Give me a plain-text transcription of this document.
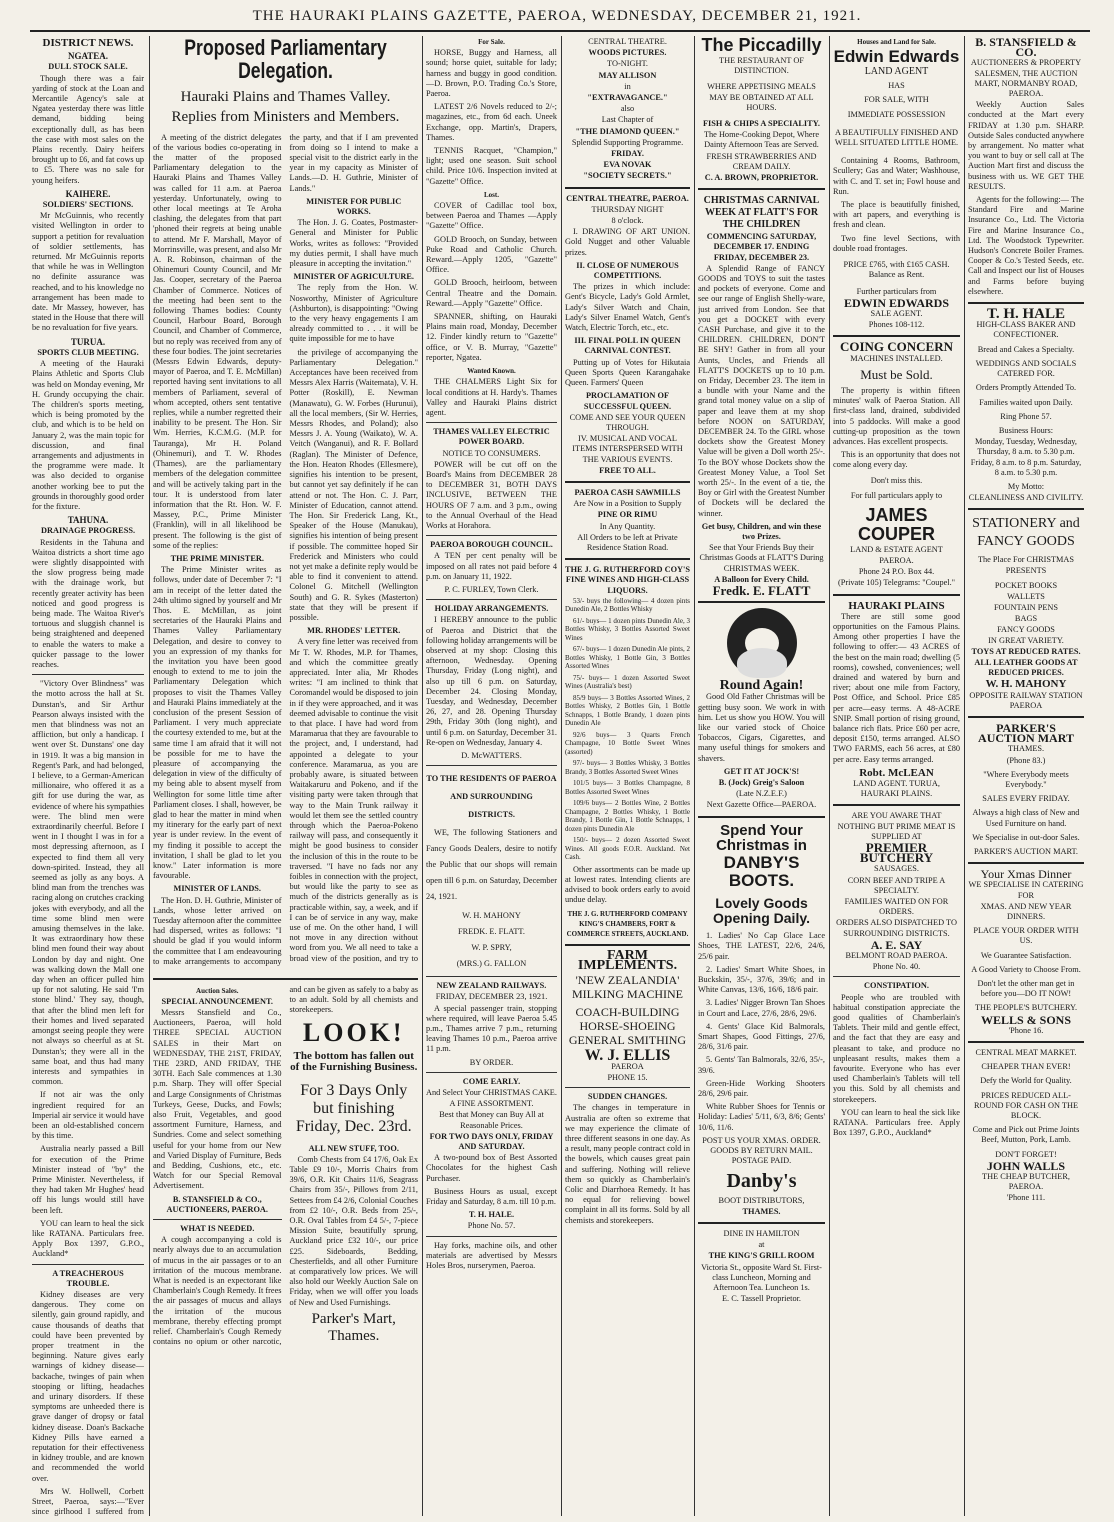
THE HAURAKI PLAINS GAZETTE, PAEROA, WEDNESDAY, DECEMBER 21, 1921.
DISTRICT NEWS.
NGATEA.
DULL STOCK SALE.

Though there was a fair yarding of stock at the Loan and Mercantile Agency's sale at Ngatea yesterday there was little demand, bidding being exceptionally dull, as has been the case with most sales on the Plains recently. Dairy heifers brought up to £6, and fat cows up to £5. There was no sale for young heifers.

KAIHERE.
SOLDIERS' SECTIONS.

Mr McGuinnis, who recently visited Wellington in order to support a petition for revaluation of soldier settlements, has returned. Mr McGuinnis reports that while he was in Wellington no definite assurance was reached, and to his knowledge no arrangement has been made to date. Mr Massey, however, has stated in the House that there will be no revaluation for five years.

TURUA.
SPORTS CLUB MEETING.

A meeting of the Hauraki Plains Athletic and Sports Club was held on Monday evening, Mr H. Grundy occupying the chair. The children's sports meeting, which is being promoted by the club, and which is to be held on January 2, was the main topic for discussion, and final arrangements and adjustments in the programme were made. It was also decided to organise another working bee to put the grounds in thoroughly good order for the fixture.

TAHUNA.
DRAINAGE PROGRESS.

Residents in the Tahuna and Waitoa districts a short time ago were slightly disappointed with the slow progress being made with the drainage work, but recently greater activity has been noticed and good progress is being made. The Waitoa River's tortuous and sluggish channel is being straightened and deepened to enable the waters to make a quicker passage to the lower reaches.

"Victory Over Blindness" was the motto across the hall at St. Dunstan's, and Sir Arthur Pearson always insisted with the men that blindness was not an affliction, but only a handicap. I went over St. Dunstans' one day in 1919. It was a big mansion in Regent's Park, and had belonged, I believe, to a German-American millionaire, who offered it as a gift for use during the war, as evidence of where his sympathies were. The blind men were extraordinarily cheerful. Before I went in I thought I was in for a most depressing afternoon, as I expected to find them all very down-spirited. Instead, they all seemed as jolly as any boys. A blind man from the trenches was racing along on crutches cracking jokes with everybody, and all the time some blind men were amusing themselves in the lake. It was extraordinary how these blind men found their way about London by day and night. One was walking down the Mall one day when an officer pulled him up for not saluting. He said 'I'm stone blind.' They say, though, that after the blind men left for their homes and lived separated amongst seeing people they were not always so cheerful as at St. Dunstan's; they were all in the same boat, and thus had many interests and sympathies in common.

If not air was the only ingredient required for an Imperial air service it would have been an old-established concern by this time.

Australia nearly passed a Bill for execution of the Prime Minister instead of "by" the Prime Minister. Nevertheless, if they had taken Mr Hughes' head off his lungs would still have been left.

YOU can learn to heal the sick like RATANA. Particulars free. Apply Box 1397, G.P.O., Auckland*

A TREACHEROUS TROUBLE.

Kidney diseases are very dangerous. They come on silently, gain ground rapidly, and cause thousands of deaths that could have been prevented by proper treatment in the beginning. Nature gives early warnings of kidney disease—backache, twinges of pain when stooping or lifting, headaches and urinary disorders. If these symptoms are unheeded there is grave danger of dropsy or fatal kidney disease. Doan's Backache Kidney Pills have earned a reputation for their effectiveness in kidney trouble, and are known and recommended the world over.

Mrs W. Hollwell, Corbett Street, Paeroa, says:—"Ever since girlhood I suffered from

Proposed Parliamentary Delegation.
Hauraki Plains and Thames Valley.
Replies from Ministers and Members.

A meeting of the district delegates of the various bodies co-operating in the matter of the proposed Parliamentary delegation to the Hauraki Plains and Thames Valley was called for 11 a.m. at Paeroa yesterday. Unfortunately, owing to other local meetings at Te Aroha clashing, the delegates from that part 'phoned their regrets at being unable to attend. Mr F. Marshall, Mayor of Morrinsville, was present, and also Mr A. R. Robinson, chairman of the Ohinemuri County Council, and Mr Jas. Cooper, secretary of the Paeroa Chamber of Commerce. Notices of the meeting had been sent to the following Thames bodies: County Council, Harbour Board, Borough Council, and Chamber of Commerce, but no reply was received from any of these four bodies. The joint secretaries (Messrs Edwin Edwards, deputy-mayor of Paeroa, and T. E. McMillan) reported having sent invitations to all members of Parliament, several of whom accepted, others sent tentative replies, while a number regretted their inability to be present. The Hon. Sir Wm. Herries, K.C.M.G. (M.P. for Tauranga), Mr H. Poland (Ohinemuri), and T. W. Rhodes (Thames), are the parliamentary members of the delegation committee and will be actively taking part in the tour. It is understood from later information that the Rt. Hon. W. F. Massey, P.C., Prime Minister (Franklin), will in all likelihood be present. The following is the gist of some of the replies:

THE PRIME MINISTER.

The Prime Minister writes as follows, under date of December 7: "I am in receipt of the letter dated the 24th ultimo signed by yourself and Mr Thos. E. McMillan, as joint secretaries of the Hauraki Plains and Thames Valley Parliamentary Delegation, and desire to convey to you an expression of my thanks for the invitation you have been good enough to extend to me to join the Parliamentary Delegation which proposes to visit the Thames Valley and Hauraki Plains immediately at the conclusion of the present Session of Parliament. I very much appreciate the courtesy extended to me, but at the same time I am afraid that it will not be possible for me to have the pleasure of accompanying the delegation in view of the difficulty of my being able to absent myself from Wellington for some little time after Parliament closes. I shall, however, be glad to hear the matter in mind when my itinerary for the early part of next year is under review. In the event of my finding it possible to accept the invitation, I shall be glad to let you know." Later information is more favourable.

MINISTER OF LANDS.

The Hon. D. H. Guthrie, Minister of Lands, whose letter arrived on Tuesday afternoon after the committee had dispersed, writes as follows: "I should be glad if you would inform the committee that I am endeavouring to make arrangements to accompany the party, and that if I am prevented from doing so I intend to make a special visit to the district early in the year in my capacity as Minister of Lands.—D. H. Guthrie, Minister of Lands."

MINISTER FOR PUBLIC WORKS.

The Hon. J. G. Coates, Postmaster-General and Minister for Public Works, writes as follows: "Provided my duties permit, I shall have much pleasure in accepting the invitation."

MINISTER OF AGRICULTURE.

The reply from the Hon. W. Nosworthy, Minister of Agriculture (Ashburton), is disappointing: "Owing to the very heavy engagements I am already committed to . . . it will be quite impossible for me to have

the privilege of accompanying the Parliamentary Delegation." Acceptances have been received from Messrs Alex Harris (Waitemata), V. H. Potter (Roskill), E. Newman (Manawatu), G. W. Forbes (Hurunui), all the local members, (Sir W. Herries, Messrs Rhodes, and Poland); also Messrs J. A. Young (Waikato), W. A. Veitch (Wanganui), and R. F. Bollard (Raglan). The Minister of Defence, the Hon. Heaton Rhodes (Ellesmere), signifies his intention to be present, but cannot yet say definitely if he can attend or not. The Hon. C. J. Parr, Minister of Education, cannot attend. The Hon. Sir Frederick Lang, Kt., Speaker of the House (Manukau), signifies his intention of being present if possible. The committee hoped Sir Frederick and Ministers who could not yet make a definite reply would be able to find it convenient to attend. Colonel G. Mitchell (Wellington South) and G. R. Sykes (Masterton) state that they will be present if possible.

MR. RHODES' LETTER.

A very fine letter was received from Mr T. W. Rhodes, M.P. for Thames, and which the committee greatly appreciated. Inter alia, Mr Rhodes writes: "I am inclined to think that Coromandel would be disposed to join in if they were approached, and it was deemed advisable to continue the visit to that place. I have had word from Maramarua that they are favourable to the project, and, I understand, had appointed a delegate to your conference. Maramarua, as you are probably aware, is situated between Waitakaruru and Pokeno, and if the visiting party were taken through that way to the Main Trunk railway it would let them see the settled country through which the Paeroa-Pokeno railway will pass, and consequently it might be good business to consider the inclusion of this in the route to be traversed. "I have no fads nor any foibles in connection with the project, but would like the party to see as much of the districts generally as is practicable within, say, a week, and if I can be of service in any way, make use of me. On the other hand, I will not move in any direction without word from you. We all need to take a broad view of the position, and try to

Auction Sales.
SPECIAL ANNOUNCEMENT.

Messrs Stansfield and Co., Auctioneers, Paeroa, will hold THREE SPECIAL AUCTION SALES in their Mart on WEDNESDAY, THE 21ST, FRIDAY, THE 23RD, AND FRIDAY, THE 30TH. Each Sale commences at 1.30 p.m. Sharp. They will offer Special and Large Consignments of Christmas Turkeys, Geese, Ducks, and Fowls; also Fruit, Vegetables, and good assortment Furniture, Harness, and Sundries. Come and select something useful for your home from our New and Varied Display of Furniture, Beds and Bedding, Cushions, etc., etc. Watch for our Special Removal Advertisement.

B. STANSFIELD & CO., AUCTIONEERS, PAEROA.
WHAT IS NEEDED.

A cough accompanying a cold is nearly always due to an accumulation of mucus in the air passages or to an irritation of the mucous membrane. What is needed is an expectorant like Chamberlain's Cough Remedy. It frees the air passages of mucus and allays the irritation of the mucous membrane, thereby effecting prompt relief. Chamberlain's Cough Remedy contains no opium or other narcotic, and can be given as safely to a baby as to an adult. Sold by all chemists and storekeepers.

LOOK!
The bottom has fallen out of the Furnishing Business.
For 3 Days Only but finishing Friday, Dec. 23rd.
ALL NEW STUFF, TOO.

Comb Chests from £4 17/6, Oak Ex Table £9 10/-, Morris Chairs from 39/6, O.R. Kit Chairs 11/6, Seagrass Chairs from 35/-, Pillows from 2/11, Settees from £4 2/6, Colonial Couches from £2 10/-, O.R. Beds from 25/-, O.R. Oval Tables from £4 5/-, 7-piece Mission Suite, beautifully sprung, Auckland price £32 10/-, our price £25. Sideboards, Bedding, Chesterfields, and all other Furniture at comparatively low prices. We will also hold our Weekly Auction Sale on Friday, when we will offer you loads of New and Used Furnishings.

Parker's Mart, Thames.
For Sale.

HORSE, Buggy and Harness, all sound; horse quiet, suitable for lady; harness and buggy in good condition.—D. Brown, P.O. Trading Co.'s Store, Paeroa.

LATEST 2/6 Novels reduced to 2/-; magazines, etc., from 6d each. Uneek Exchange, opp. Martin's, Drapers, Thames.

TENNIS Racquet, "Champion," light; used one season. Suit school child. Price 10/6. Inspection invited at "Gazette" Office.

Lost.

COVER of Cadillac tool box, between Paeroa and Thames —Apply "Gazette" Office.

GOLD Brooch, on Sunday, between Puke Road and Catholic Church. Reward.—Apply 1205, "Gazette" Office.

GOLD Brooch, heirloom, between Central Theatre and the Domain. Reward.—Apply "Gazette" Office.

SPANNER, shifting, on Hauraki Plains main road, Monday, December 12. Finder kindly return to "Gazette" office, or V. B. Murray, "Gazette" reporter, Ngatea.

Wanted Known.

THE CHALMERS Light Six for local conditions at H. Hardy's. Thames Valley and Hauraki Plains district agent.

THAMES VALLEY ELECTRIC POWER BOARD.
NOTICE TO CONSUMERS.

POWER will be cut off on the Board's Mains from DECEMBER 28 to DECEMBER 31, BOTH DAYS INCLUSIVE, BETWEEN THE HOURS OF 7 a.m. and 3 p.m., owing to the Annual Overhaul of the Head Works at Horahora.

PAEROA BOROUGH COUNCIL.

A TEN per cent penalty will be imposed on all rates not paid before 4 p.m. on January 11, 1922.

P. C. FURLEY, Town Clerk.
HOLIDAY ARRANGEMENTS.

I HEREBY announce to the public of Paeroa and District that the following holiday arrangements will be observed at my shop: Closing this afternoon, Wednesday. Opening Thursday, Friday (Long night), and also up till 6 p.m. on Saturday, December 24. Closing Monday, Tuesday, and Wednesday, December 26, 27, and 28. Opening Thursday 29th, Friday 30th (long night), and until 6 p.m. on Saturday, December 31. Re-open on Wednesday, January 4.

D. McWATTERS.
TO THE RESIDENTS OF PAEROA AND SURROUNDING DISTRICTS.

WE, The following Stationers and Fancy Goods Dealers, desire to notify the Public that our shops will remain open till 6 p.m. on Saturday, December 24, 1921.

W. H. MAHONY
FREDK. E. FLATT.
W. P. SPRY,
(MRS.) G. FALLON
NEW ZEALAND RAILWAYS.
FRIDAY, DECEMBER 23, 1921.

A special passenger train, stopping where required, will leave Paeroa 5.45 p.m., Thames arrive 7 p.m., returning leaving Thames 10 p.m., Paeroa arrive 11 p.m.

BY ORDER.
COME EARLY.
And Select Your CHRISTMAS CAKE.
A FINE ASSORTMENT.
Best that Money can Buy All at Reasonable Prices.
FOR TWO DAYS ONLY, FRIDAY AND SATURDAY.

A two-pound box of Best Assorted Chocolates for the highest Cash Purchaser.

Business Hours as usual, except Friday and Saturday, 8 a.m. till 10 p.m.

T. H. HALE.
Phone No. 57.

Hay forks, machine oils, and other materials are advertised by Messrs Holes Bros, nurserymen, Paeroa.

CENTRAL THEATRE.
WOODS PICTURES.
TO-NIGHT.
MAY ALLISON
in
"EXTRAVAGANCE."
also
Last Chapter of
"THE DIAMOND QUEEN."
Splendid Supporting Programme.
FRIDAY.
EVA NOVAK
"SOCIETY SECRETS."
CENTRAL THEATRE, PAEROA.
THURSDAY NIGHT
8 o'clock.

I. DRAWING OF ART UNION. Gold Nugget and other Valuable prizes.

II. CLOSE OF NUMEROUS COMPETITIONS.

The prizes in which include: Gent's Bicycle, Lady's Gold Armlet, Lady's Silver Watch and Chain, Lady's Silver Enamel Watch, Gent's Watch, Electric Torch, etc., etc.

III. FINAL POLL IN QUEEN CARNIVAL CONTEST.

Putting up of Votes for Hikutaia Queen Sports Queen Karangahake Queen. Farmers' Queen

PROCLAMATION OF SUCCESSFUL QUEEN.
COME AND SEE YOUR QUEEN THROUGH.
IV. MUSICAL AND VOCAL ITEMS INTERSPERSED WITH THE VARIOUS EVENTS.
FREE TO ALL.
PAEROA CASH SAWMILLS
Are Now in a Position to Supply
PINE OR RIMU
In Any Quantity.
All Orders to be left at Private Residence Station Road.
THE J. G. RUTHERFORD COY'S FINE WINES AND HIGH-CLASS LIQUORS.

53/- buys the following— 4 dozen pints Dunedin Ale, 2 Bottles Whisky

61/- buys— 1 dozen pints Dunedin Ale, 3 Bottles Whisky, 3 Bottles Assorted Sweet Wines

67/- buys— 1 dozen Dunedin Ale pints, 2 Bottles Whisky, 1 Bottle Gin, 3 Bottles Assorted Wines

75/- buys— 1 dozen Assorted Sweet Wines (Australia's best)

85/9 buys— 3 Bottles Assorted Wines, 2 Bottles Whisky, 2 Bottles Gin, 1 Bottle Schnapps, 1 Bottle Brandy, 1 dozen pints Dunedin Ale

92/6 buys— 3 Quarts French Champagne, 10 Bottle Sweet Wines (assorted)

97/- buys— 3 Bottles Whisky, 3 Bottles Brandy, 3 Bottles Assorted Sweet Wines

101/5 buys— 3 Bottles Champagne, 8 Bottles Assorted Sweet Wines

109/6 buys— 2 Bottles Wine, 2 Bottles Champagne, 2 Bottles Whisky, 1 Bottle Brandy, 1 Bottle Gin, 1 Bottle Schnapps, 1 dozen pints Dunedin Ale

150/- buys— 2 dozen Assorted Sweet Wines. All goods F.O.R. Auckland. Net Cash.

Other assortments can be made up at lowest rates. Intending clients are advised to book orders early to avoid undue delay.

THE J. G. RUTHERFORD COMPANY KING'S CHAMBERS, FORT & COMMERCE STREETS, AUCKLAND.
FARM IMPLEMENTS.
'NEW ZEALANDIA' MILKING MACHINE
COACH-BUILDING HORSE-SHOEING GENERAL SMITHING
W. J. ELLIS
PAEROA
PHONE 15.
SUDDEN CHANGES.

The changes in temperature in Australia are often so extreme that we may experience the climate of three different seasons in one day. As a result, many people contract cold in the bowels, which causes great pain and suffering. Nothing will relieve them so quickly as Chamberlain's Colic and Diarrhoea Remedy. It has no equal for relieving bowel complaint in all its forms. Sold by all chemists and storekeepers.

The Piccadilly
THE RESTAURANT OF DISTINCTION.
WHERE APPETISING MEALS MAY BE OBTAINED AT ALL HOURS.
FISH & CHIPS A SPECIALITY.
The Home-Cooking Depot, Where Dainty Afternoon Teas are Served.
FRESH STRAWBERRIES AND CREAM DAILY.
C. A. BROWN, PROPRIETOR.
CHRISTMAS CARNIVAL WEEK AT FLATT'S FOR THE CHILDREN
COMMENCING SATURDAY, DECEMBER 17. ENDING FRIDAY, DECEMBER 23.

A Splendid Range of FANCY GOODS and TOYS to suit the tastes and pockets of everyone. Come and see our range of English Shelly-ware, just arrived from London. See that you get a DOCKET with every CASH Purchase, and give it to the CHILDREN. CHILDREN, DON'T BE SHY! Gather in from all your Aunts, Uncles, and Friends all FLATT'S DOCKETS up to 10 p.m. on Friday, December 23. The item in a bundle with your Name and the grand total money value on a slip of paper and leave them at my shop before NOON on SATURDAY, DECEMBER 24. To the GIRL whose dockets show the Greatest Money Value will be given a Doll worth 25/-. To the BOY whose Dockets show the Greatest Money Value, a Tool Set worth 25/-. In the event of a tie, the Boy or Girl with the Greatest Number of Dockets will be declared the winner.

Get busy, Children, and win these two Prizes.
See that Your Friends Buy their Christmas Goods at FLATT'S During CHRISTMAS WEEK.
A Balloon for Every Child.
Fredk. E. FLATT
Round Again!

Good Old Father Christmas will be getting busy soon. We work in with him. Let us show you HOW. You will like our varied stock of Choice Tobaccos, Cigars, Cigarettes, and many useful things for smokers and shavers.

GET IT AT JOCK'S!
B. (Jock) Greig's Saloon
(Late N.Z.E.F.)
Next Gazette Office—PAEROA.
Spend Your Christmas in
DANBY'S BOOTS.
Lovely Goods Opening Daily.

1. Ladies' No Cap Glace Lace Shoes, THE LATEST, 22/6, 24/6, 25/6 pair.

2. Ladies' Smart White Shoes, in Buckskin, 35/-, 37/6, 39/6; and in White Canvas, 13/6, 16/6, 18/6 pair.

3. Ladies' Nigger Brown Tan Shoes in Court and Lace, 27/6, 28/6, 29/6.

4. Gents' Glace Kid Balmorals, Smart Shapes, Good Fittings, 27/6, 28/6, 31/6 pair.

5. Gents' Tan Balmorals, 32/6, 35/-, 39/6.

Green-Hide Working Shooters 28/6, 29/6 pair.

White Rubber Shoes for Tennis or Holiday: Ladies' 5/11, 6/3, 8/6; Gents' 10/6, 11/6.

POST US YOUR XMAS. ORDER. GOODS BY RETURN MAIL. POSTAGE PAID.
Danby's
BOOT DISTRIBUTORS,
THAMES.
DINE IN HAMILTON
at
THE KING'S GRILL ROOM
Victoria St., opposite Ward St. First-class Luncheon, Morning and Afternoon Tea. Luncheon 1s.
E. C. Tassell Proprietor.
Houses and Land for Sale.
Edwin Edwards
LAND AGENT
HAS
FOR SALE, WITH
IMMEDIATE POSSESSION
A BEAUTIFULLY FINISHED AND WELL SITUATED LITTLE HOME.

Containing 4 Rooms, Bathroom, Scullery; Gas and Water; Washhouse, with C. and T. set in; Fowl house and Run.

The place is beautifully finished, with art papers, and everything is fresh and clean.

Two fine level Sections, with double road frontages.

PRICE £765, with £165 CASH. Balance as Rent.
Further particulars from
EDWIN EDWARDS
SALE AGENT.
Phones 108-112.
COING CONCERN
MACHINES INSTALLED.
Must be Sold.

The property is within fifteen minutes' walk of Paeroa Station. All first-class land, drained, subdivided into 5 paddocks. Will make a good cutting-up proposition as the town advances. Has excellent prospects.

This is an opportunity that does not come along every day.

Don't miss this.
For full particulars apply to
JAMES COUPER
LAND & ESTATE AGENT
PAEROA.
Phone 24 P.O. Box 44.
(Private 105) Telegrams: "Coupel."
HAURAKI PLAINS

There are still some good opportunities on the Famous Plains. Among other properties I have the following to offer:— 43 ACRES of the best on the main road; dwelling (5 rooms), cowshed, conveniences; well drained and watered by burn and river; about one mile from Factory, Post Office, and School. Price £85 per acre—easy terms. A 48-ACRE SNIP. Small portion of rising ground, balance rich flats. Price £60 per acre, deposit £150, terms arranged. ALSO TWO FARMS, each 56 acres, at £80 per acre. Easy terms arranged.

Robt. McLEAN
LAND AGENT. TURUA, HAURAKI PLAINS.
ARE YOU AWARE THAT NOTHING BUT PRIME MEAT IS SUPPLIED AT
PREMIER BUTCHERY
SAUSAGES.
CORN BEEF AND TRIPE A SPECIALTY.
FAMILIES WAITED ON FOR ORDERS.
ORDERS ALSO DISPATCHED TO SURROUNDING DISTRICTS.
A. E. SAY
BELMONT ROAD PAEROA.
Phone No. 40.
CONSTIPATION.

People who are troubled with habitual constipation appreciate the good qualities of Chamberlain's Tablets. Their mild and gentle effect, and the fact that they are easy and pleasant to take, and produce no unpleasant results, makes them a favourite. Everyone who has ever used Chamberlain's Tablets will tell you this. Sold by all chemists and storekeepers.

YOU can learn to heal the sick like RATANA. Particulars free. Apply Box 1397, G.P.O., Auckland*

B. STANSFIELD & CO.
AUCTIONEERS & PROPERTY SALESMEN, THE AUCTION MART, NORMANBY ROAD, PAEROA.

Weekly Auction Sales conducted at the Mart every FRIDAY at 1.30 p.m. SHARP. Outside Sales conducted anywhere by arrangement. No matter what you want to buy or sell call at The Auction Mart first and discuss the business with us. WE GET THE RESULTS.

Agents for the following:— The Standard Fire and Marine Insurance Co., Ltd. The Victoria Fire and Marine Insurance Co., Ltd. The Woodstock Typewriter. Hudson's Concrete Boiler Frames. Cooper & Co.'s Tested Seeds, etc. Call and Inspect our list of Houses and Farms before buying elsewhere.

T. H. HALE
HIGH-CLASS BAKER AND CONFECTIONER.
Bread and Cakes a Specialty.
WEDDINGS AND SOCIALS CATERED FOR.
Orders Promptly Attended To.
Families waited upon Daily.
Ring Phone 57.
Business Hours:
Monday, Tuesday, Wednesday, Thursday, 8 a.m. to 5.30 p.m. Friday, 8 a.m. to 8 p.m. Saturday, 8 a.m. to 5.30 p.m.
My Motto:
CLEANLINESS AND CIVILITY.
STATIONERY and FANCY GOODS
The Place For CHRISTMAS PRESENTS
POCKET BOOKS
WALLETS
FOUNTAIN PENS
BAGS
FANCY GOODS
IN GREAT VARIETY.
TOYS AT REDUCED RATES.
ALL LEATHER GOODS AT REDUCED PRICES.
W. H. MAHONY
OPPOSITE RAILWAY STATION PAEROA
PARKER'S AUCTION MART
THAMES.
(Phone 83.)
"Where Everybody meets Everybody."
SALES EVERY FRIDAY.
Always a high class of New and Used Furniture on hand.
We Specialise in out-door Sales.
PARKER'S AUCTION MART.
Your Xmas Dinner
WE SPECIALISE IN CATERING FOR
XMAS. AND NEW YEAR DINNERS.
PLACE YOUR ORDER WITH US.
We Guarantee Satisfaction.
A Good Variety to Choose From.
Don't let the other man get in before you—DO IT NOW!
THE PEOPLE'S BUTCHERY.
WELLS & SONS
'Phone 16.
CENTRAL MEAT MARKET.
CHEAPER THAN EVER!
Defy the World for Quality.
PRICES REDUCED ALL-ROUND FOR CASH ON THE BLOCK.
Come and Pick out Prime Joints Beef, Mutton, Pork, Lamb.
DON'T FORGET!
JOHN WALLS
THE CHEAP BUTCHER, PAEROA.
'Phone 111.
